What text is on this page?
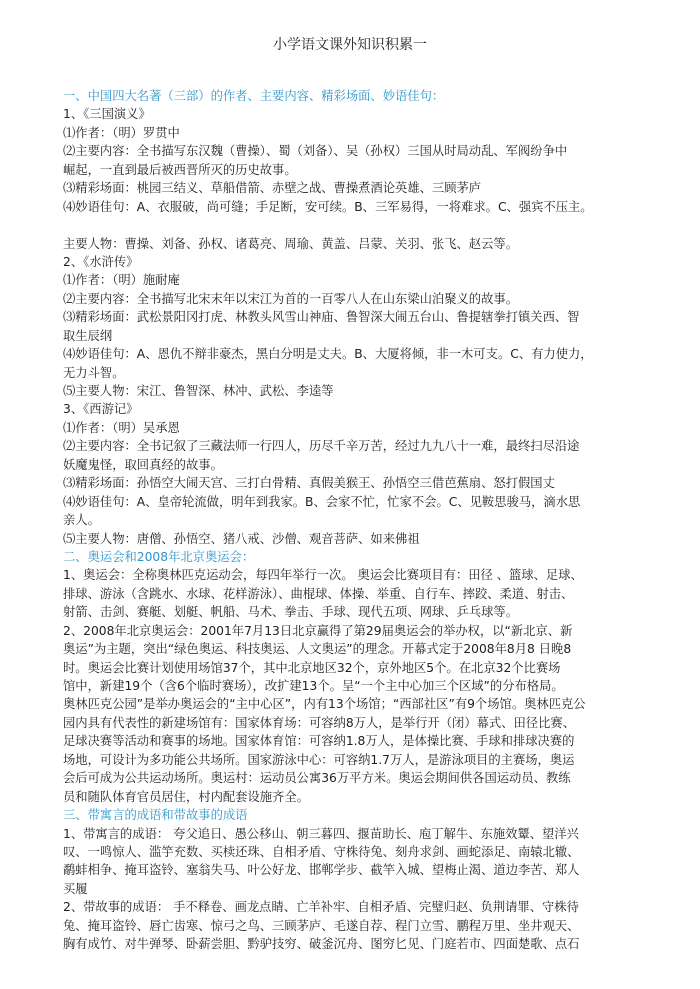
小学语文课外知识积累一
一、中国四大名著（三部）的作者、主要内容、精彩场面、妙语佳句：
1、《三国演义》
⑴作者：（明）罗贯中
⑵主要内容：全书描写东汉魏（曹操）、蜀（刘备）、吴（孙权）三国从时局动乱、军阀纷争中
崛起，一直到最后被西晋所灭的历史故事。
⑶精彩场面：桃园三结义、草船借箭、赤壁之战、曹操煮酒论英雄、三顾茅庐
⑷妙语佳句：A、衣服破，尚可缝；手足断，安可续。B、三军易得，一将难求。C、强宾不压主。
主要人物：曹操、刘备、孙权、诸葛亮、周瑜、黄盖、吕蒙、关羽、张飞、赵云等。
2、《水浒传》
⑴作者：（明）施耐庵
⑵主要内容：全书描写北宋末年以宋江为首的一百零八人在山东梁山泊聚义的故事。
⑶精彩场面：武松景阳冈打虎、林教头风雪山神庙、鲁智深大闹五台山、鲁提辖拳打镇关西、智
取生辰纲
⑷妙语佳句：A、恩仇不辩非豪杰，黑白分明是丈夫。B、大厦将倾，非一木可支。C、有力使力，
无力斗智。
⑸主要人物：宋江、鲁智深、林冲、武松、李逵等
3、《西游记》
⑴作者：（明）吴承恩
⑵主要内容：全书记叙了三藏法师一行四人，历尽千辛万苦，经过九九八十一难，最终扫尽沿途
妖魔鬼怪，取回真经的故事。
⑶精彩场面：孙悟空大闹天宫、三打白骨精、真假美猴王、孙悟空三借芭蕉扇、怒打假国丈
⑷妙语佳句：A、皇帝轮流做，明年到我家。B、会家不忙，忙家不会。C、见鞍思骏马，滴水思
亲人。
⑸主要人物：唐僧、孙悟空、猪八戒、沙僧、观音菩萨、如来佛祖
二、奥运会和2008年北京奥运会：
1、奥运会：全称奥林匹克运动会，每四年举行一次。 奥运会比赛项目有：田径 、篮球、足球、
排球、游泳（含跳水、水球、花样游泳）、曲棍球、体操、举重、自行车、摔跤、柔道、射击、
射箭、击剑、赛艇、划艇、帆船、马术、拳击、手球、现代五项、网球、乒乓球等。
2、2008年北京奥运会：2001年7月13日北京赢得了第29届奥运会的举办权，以“新北京、新
奥运”为主题，突出“绿色奥运、科技奥运、人文奥运”的理念。开幕式定于2008年8月8 日晚8
时。奥运会比赛计划使用场馆37个，其中北京地区32个，京外地区5个。在北京32个比赛场
馆中，新建19个（含6个临时赛场），改扩建13个。呈“一个主中心加三个区域”的分布格局。
奥林匹克公园”是举办奥运会的“主中心区”，内有13个场馆；“西部社区”有9个场馆。奥林匹克公
园内具有代表性的新建场馆有：国家体育场：可容纳8万人，是举行开（闭）幕式、田径比赛、
足球决赛等活动和赛事的场地。国家体育馆：可容纳1.8万人，是体操比赛、手球和排球决赛的
场地，可设计为多功能公共场所。国家游泳中心：可容纳1.7万人，是游泳项目的主赛场，奥运
会后可成为公共运动场所。奥运村：运动员公寓36万平方米。奥运会期间供各国运动员、教练
员和随队体育官员居住，村内配套设施齐全。
三、带寓言的成语和带故事的成语
1、带寓言的成语： 夸父追日、愚公移山、朝三暮四、揠苗助长、庖丁解牛、东施效颦、望洋兴
叹、一鸣惊人、滥竽充数、买椟还珠、自相矛盾、守株待兔、刻舟求剑、画蛇添足、南辕北辙、
鹬蚌相争、掩耳盗铃、塞翁失马、叶公好龙、邯郸学步、截竿入城、望梅止渴、道边李苦、郑人
买履
2、带故事的成语： 手不释卷、画龙点睛、亡羊补牢、自相矛盾、完璧归赵、负荆请罪、守株待
兔、掩耳盗铃、唇亡齿寒、惊弓之鸟、三顾茅庐、毛遂自荐、程门立雪、鹏程万里、坐井观天、
胸有成竹、对牛弹琴、卧薪尝胆、黔驴技穷、破釜沉舟、图穷匕见、门庭若市、四面楚歌、点石
